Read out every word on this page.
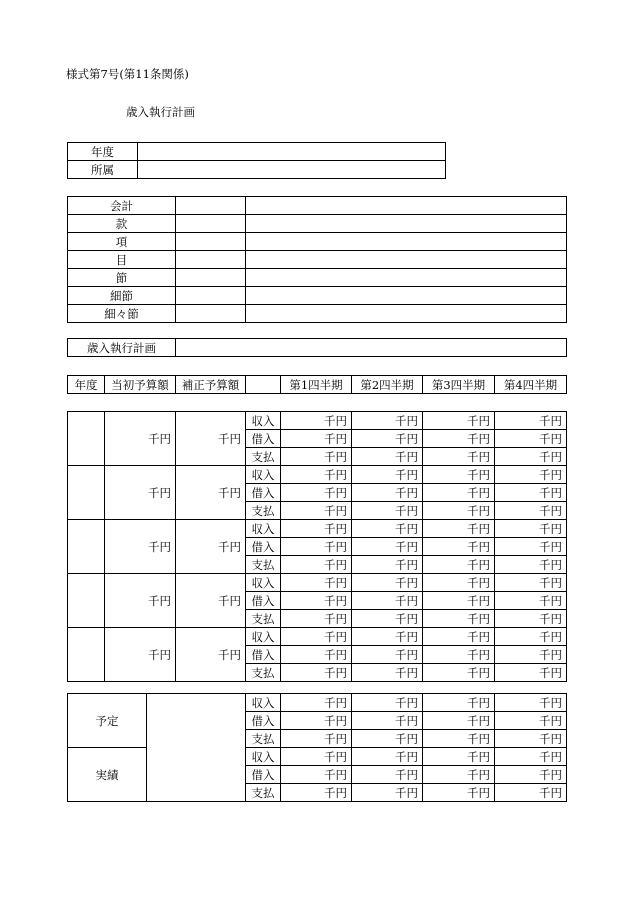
様式第7号(第11条関係)
歳入執行計画
年度	
所属	
会計		
款		
項		
目		
節		
細節		
細々節		
歳入執行計画	
年度	当初予算額	補正予算額		第1四半期	第2四半期	第3四半期	第4四半期
	千円	千円	収入	千円	千円	千円	千円
			借入	千円	千円	千円	千円
			支払	千円	千円	千円	千円
	千円	千円	収入	千円	千円	千円	千円
			借入	千円	千円	千円	千円
			支払	千円	千円	千円	千円
	千円	千円	収入	千円	千円	千円	千円
			借入	千円	千円	千円	千円
			支払	千円	千円	千円	千円
	千円	千円	収入	千円	千円	千円	千円
			借入	千円	千円	千円	千円
			支払	千円	千円	千円	千円
	千円	千円	収入	千円	千円	千円	千円
			借入	千円	千円	千円	千円
			支払	千円	千円	千円	千円
予定		収入	千円	千円	千円	千円
		借入	千円	千円	千円	千円
		支払	千円	千円	千円	千円
実績		収入	千円	千円	千円	千円
		借入	千円	千円	千円	千円
		支払	千円	千円	千円	千円
